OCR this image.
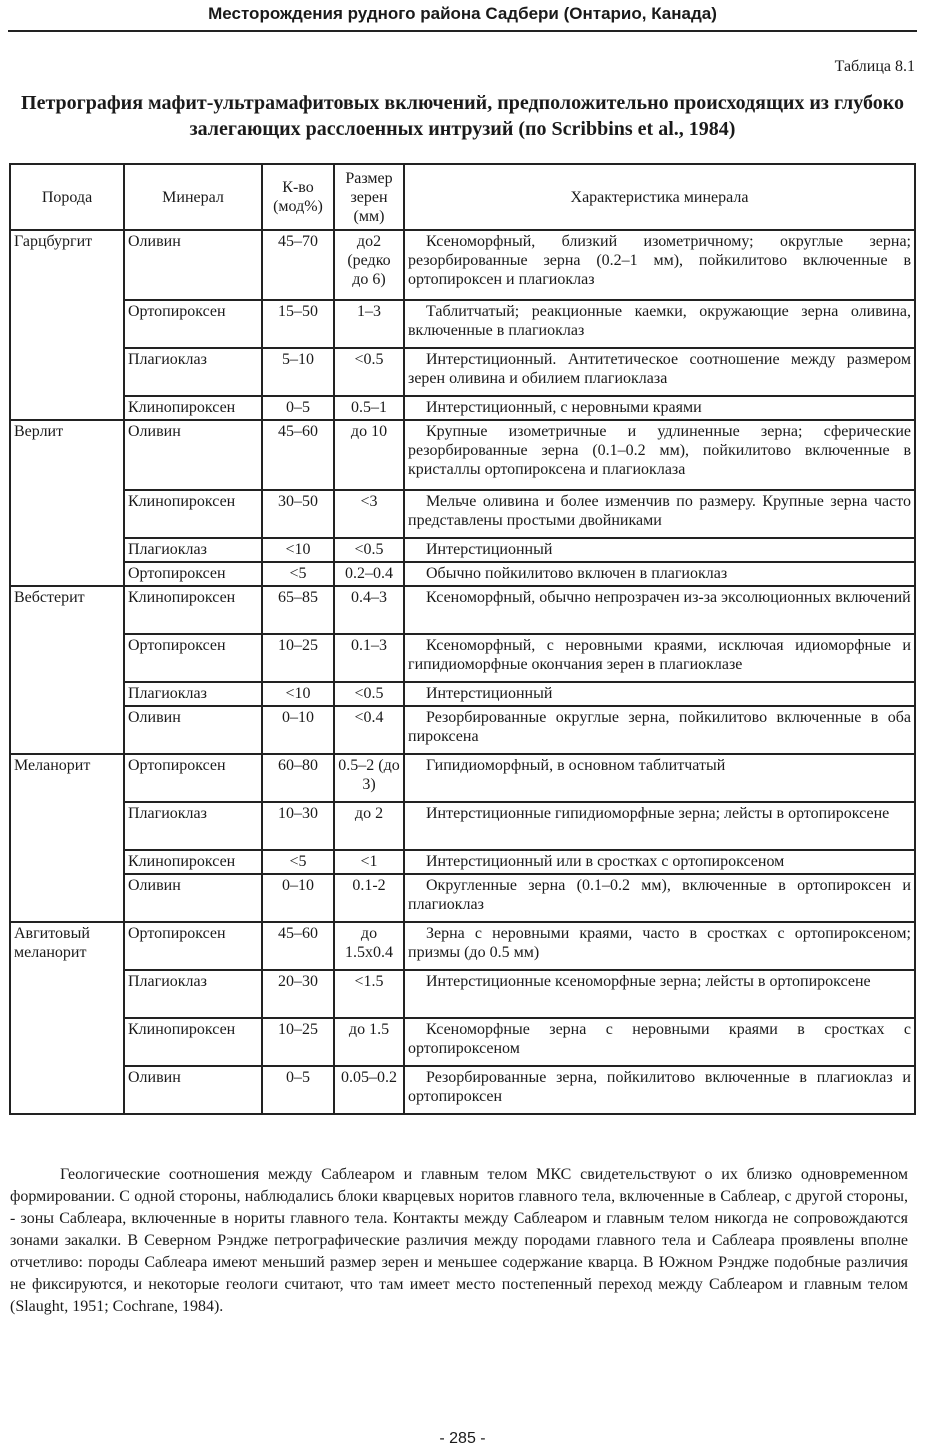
Месторождения рудного района Садбери (Онтарио, Канада)
Таблица 8.1
Петрография мафит-ультрамафитовых включений, предположительно происходящих из глубоко залегающих расслоенных интрузий (по Scribbins et al., 1984)
Порода	Минерал	К-во (мод%)	Размер зерен (мм)	Характеристика минерала
Гарцбургит	Оливин	45–70	до2 (редко до 6)	Ксеноморфный, близкий изометричному; округлые зерна; резорбированные зерна (0.2–1 мм), пойкилитово включенные в ортопироксен и плагиоклаз
	Ортопироксен	15–50	1–3	Таблитчатый; реакционные каемки, окружающие зерна оливина, включенные в плагиоклаз
	Плагиоклаз	5–10	<0.5	Интерстиционный. Антитетическое соотношение между размером зерен оливина и обилием плагиоклаза
	Клинопироксен	0–5	0.5–1	Интерстиционный, с неровными краями
Верлит	Оливин	45–60	до 10	Крупные изометричные и удлиненные зерна; сферические резорбированные зерна (0.1–0.2 мм), пойкилитово включенные в кристаллы ортопироксена и плагиоклаза
	Клинопироксен	30–50	<3	Мельче оливина и более изменчив по размеру. Крупные зерна часто представлены простыми двойниками
	Плагиоклаз	<10	<0.5	Интерстиционный
	Ортопироксен	<5	0.2–0.4	Обычно пойкилитово включен в плагиоклаз
Вебстерит	Клинопироксен	65–85	0.4–3	Ксеноморфный, обычно непрозрачен из-за эксолюционных включений
	Ортопироксен	10–25	0.1–3	Ксеноморфный, с неровными краями, исключая идиоморфные и гипидиоморфные окончания зерен в плагиоклазе
	Плагиоклаз	<10	<0.5	Интерстиционный
	Оливин	0–10	<0.4	Резорбированные округлые зерна, пойкилитово включенные в оба пироксена
Меланорит	Ортопироксен	60–80	0.5–2 (до 3)	Гипидиоморфный, в основном таблитчатый
	Плагиоклаз	10–30	до 2	Интерстиционные гипидиоморфные зерна; лейсты в ортопироксене
	Клинопироксен	<5	<1	Интерстиционный или в сростках с ортопироксеном
	Оливин	0–10	0.1-2	Округленные зерна (0.1–0.2 мм), включенные в ортопироксен и плагиоклаз
Авгитовый меланорит	Ортопироксен	45–60	до 1.5x0.4	Зерна с неровными краями, часто в сростках с ортопироксеном; призмы (до 0.5 мм)
	Плагиоклаз	20–30	<1.5	Интерстиционные ксеноморфные зерна; лейсты в ортопироксене
	Клинопироксен	10–25	до 1.5	Ксеноморфные зерна с неровными краями в сростках с ортопироксеном
	Оливин	0–5	0.05–0.2	Резорбированные зерна, пойкилитово включенные в плагиоклаз и ортопироксен
Геологические соотношения между Саблеаром и главным телом МКС свидетельствуют о их близко одновременном формировании. С одной стороны, наблюдались блоки кварцевых норитов главного тела, включенные в Саблеар, с другой стороны, - зоны Саблеара, включенные в нориты главного тела. Контакты между Саблеаром и главным телом никогда не сопровождаются зонами закалки. В Северном Рэндже петрографические различия между породами главного тела и Саблеара проявлены вполне отчетливо: породы Саблеара имеют меньший размер зерен и меньшее содержание кварца. В Южном Рэндже подобные различия не фиксируются, и некоторые геологи считают, что там имеет место постепенный переход между Саблеаром и главным телом (Slaught, 1951; Cochrane, 1984).
- 285 -
